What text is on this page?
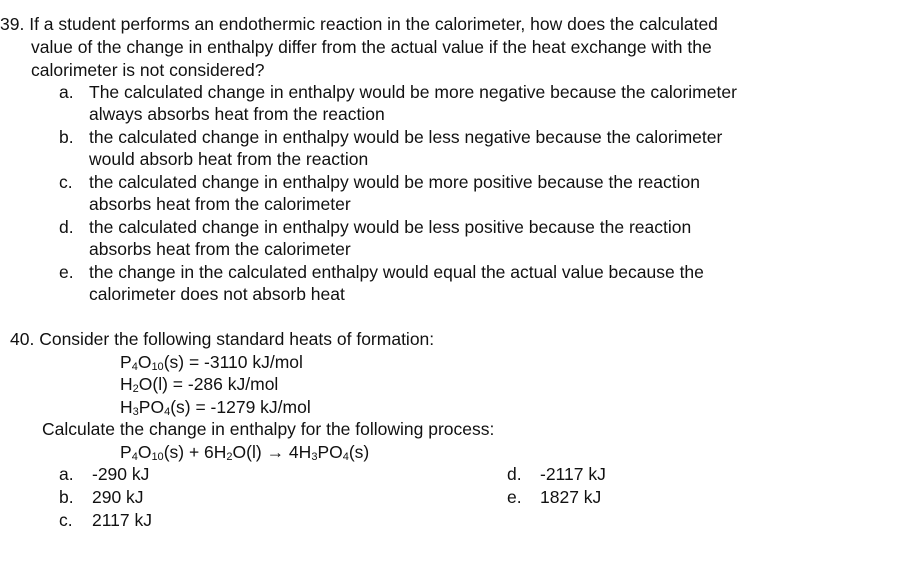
39. If a student performs an endothermic reaction in the calorimeter, how does the calculated
value of the change in enthalpy differ from the actual value if the heat exchange with the
calorimeter is not considered?
a. The calculated change in enthalpy would be more negative because the calorimeter
always absorbs heat from the reaction
b. the calculated change in enthalpy would be less negative because the calorimeter
would absorb heat from the reaction
c. the calculated change in enthalpy would be more positive because the reaction
absorbs heat from the calorimeter
d. the calculated change in enthalpy would be less positive because the reaction
absorbs heat from the calorimeter
e. the change in the calculated enthalpy would equal the actual value because the
calorimeter does not absorb heat
40. Consider the following standard heats of formation:
$P_4O_{10}(s) = -3110$ kJ/mol
$H_2O(l) = -286$ kJ/mol
$H_3PO_4(s) = -1279$ kJ/mol
Calculate the change in enthalpy for the following process:
$P_4O_{10}(s) + 6H_2O(l) \to 4H_3PO_4(s)$
a. -290 kJ
b. 290 kJ
c. 2117 kJ
d. -2117 kJ
e. 1827 kJ
